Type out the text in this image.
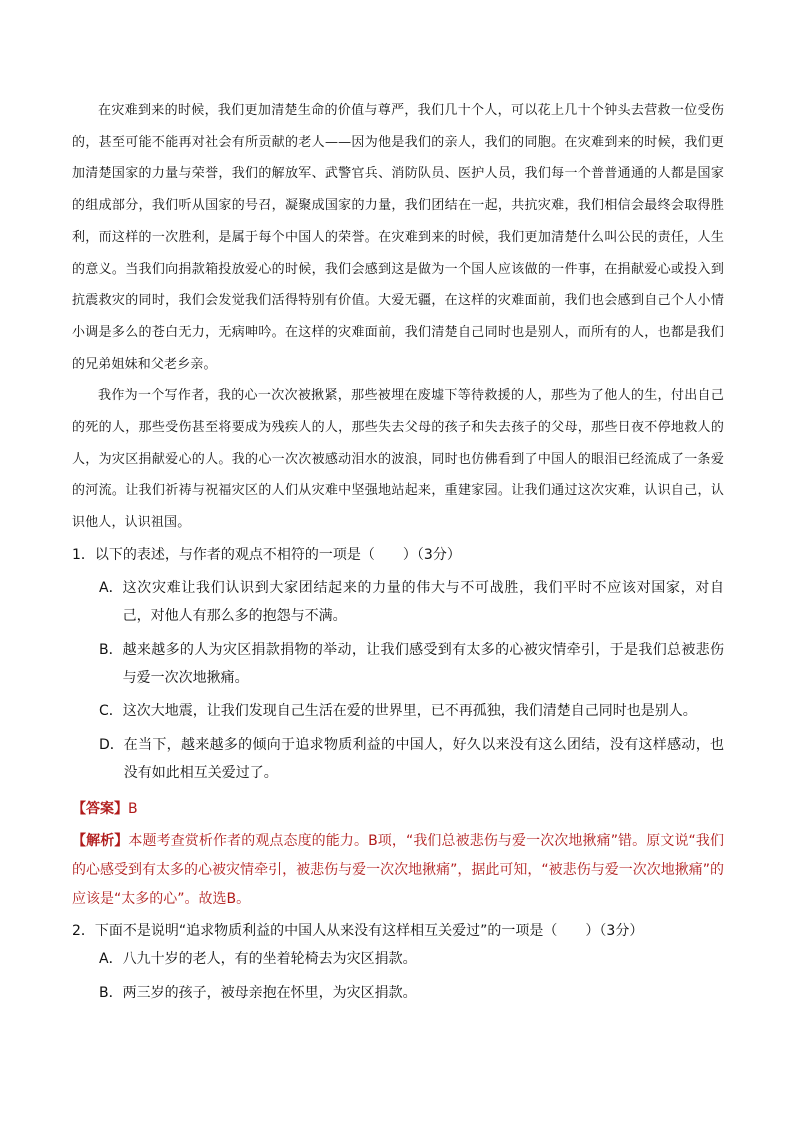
在灾难到来的时候，我们更加清楚生命的价值与尊严，我们几十个人，可以花上几十个钟头去营救一位受伤的，甚至可能不能再对社会有所贡献的老人——因为他是我们的亲人，我们的同胞。在灾难到来的时候，我们更加清楚国家的力量与荣誉，我们的解放军、武警官兵、消防队员、医护人员，我们每一个普普通通的人都是国家的组成部分，我们听从国家的号召，凝聚成国家的力量，我们团结在一起，共抗灾难，我们相信会最终会取得胜利，而这样的一次胜利，是属于每个中国人的荣誉。在灾难到来的时候，我们更加清楚什么叫公民的责任，人生的意义。当我们向捐款箱投放爱心的时候，我们会感到这是做为一个国人应该做的一件事，在捐献爱心或投入到抗震救灾的同时，我们会发觉我们活得特别有价值。大爱无疆，在这样的灾难面前，我们也会感到自己个人小情小调是多么的苍白无力，无病呻吟。在这样的灾难面前，我们清楚自己同时也是别人，而所有的人，也都是我们的兄弟姐妹和父老乡亲。

我作为一个写作者，我的心一次次被揪紧，那些被埋在废墟下等待救援的人，那些为了他人的生，付出自己的死的人，那些受伤甚至将要成为残疾人的人，那些失去父母的孩子和失去孩子的父母，那些日夜不停地救人的人，为灾区捐献爱心的人。我的心一次次被感动泪水的波浪，同时也仿佛看到了中国人的眼泪已经流成了一条爱的河流。让我们祈祷与祝福灾区的人们从灾难中坚强地站起来，重建家园。让我们通过这次灾难，认识自己，认识他人，认识祖国。

1．以下的表述，与作者的观点不相符的一项是（　　）（3分）

A． 这次灾难让我们认识到大家团结起来的力量的伟大与不可战胜，我们平时不应该对国家，对自己，对他人有那么多的抱怨与不满。
B． 越来越多的人为灾区捐款捐物的举动，让我们感受到有太多的心被灾情牵引，于是我们总被悲伤与爱一次次地揪痛。
C． 这次大地震，让我们发现自己生活在爱的世界里，已不再孤独，我们清楚自己同时也是别人。
D． 在当下，越来越多的倾向于追求物质利益的中国人，好久以来没有这么团结，没有这样感动，也没有如此相互关爱过了。
【答案】B
【解析】本题考查赏析作者的观点态度的能力。B项，“我们总被悲伤与爱一次次地揪痛”错。原文说“我们的心感受到有太多的心被灾情牵引，被悲伤与爱一次次地揪痛”，据此可知，“被悲伤与爱一次次地揪痛”的应该是“太多的心”。故选B。

2．下面不是说明“追求物质利益的中国人从来没有这样相互关爱过”的一项是（　　）（3分）

A． 八九十岁的老人，有的坐着轮椅去为灾区捐款。
B． 两三岁的孩子，被母亲抱在怀里，为灾区捐款。
